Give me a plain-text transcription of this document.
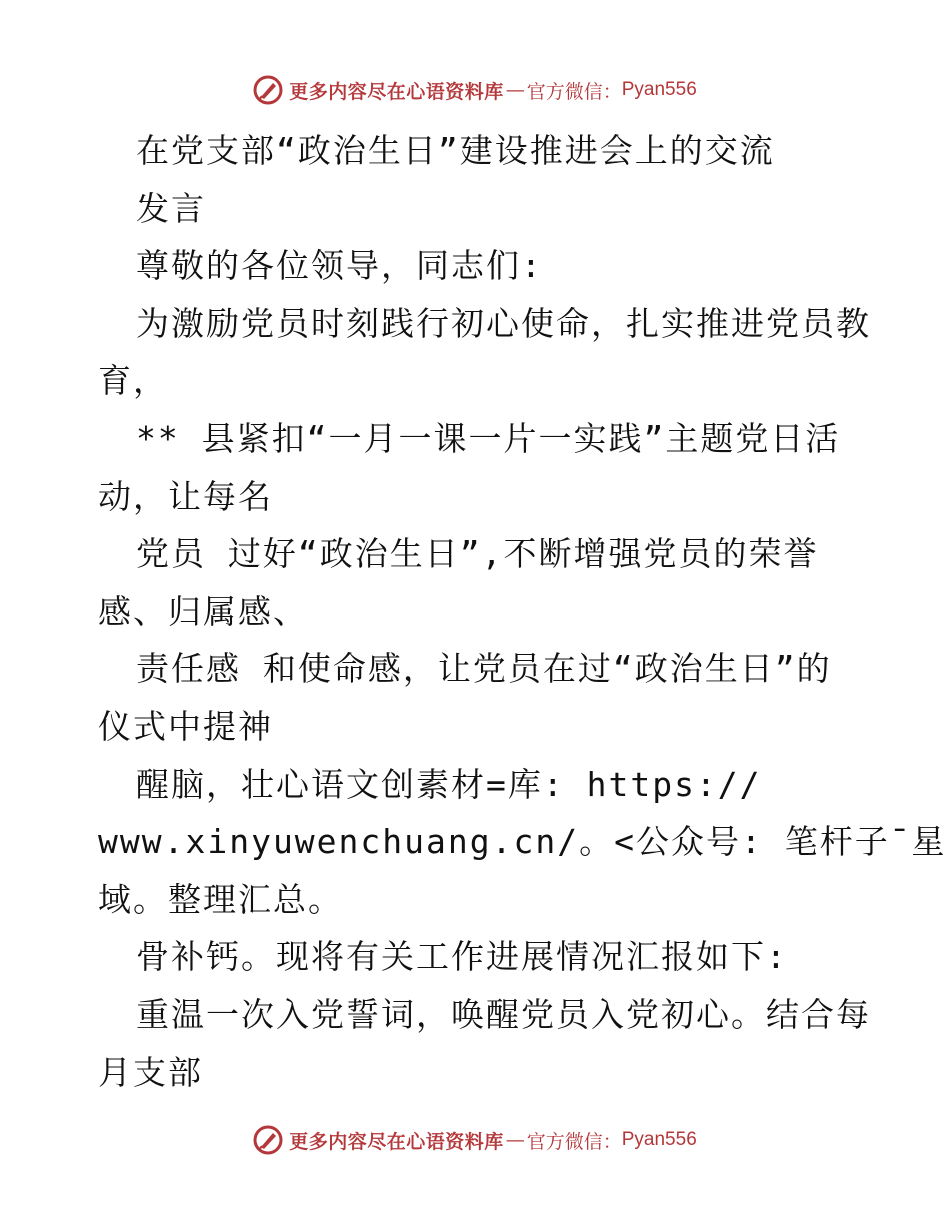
更多内容尽在心语资料库 — 官方微信： Pyan556
在党支部“政治生日”建设推进会上的交流
发言
尊敬的各位领导，同志们:
为激励党员时刻践行初心使命，扎实推进党员教
育，
** 县紧扣“一月一课一片一实践”主题党日活
动，让每名
党员 过好“政治生日”,不断增强党员的荣誉
感、归属感、
责任感 和使命感，让党员在过“政治生日”的
仪式中提神
醒脑，壮心语文创素材=库: https://
www.xinyuwenchuang.cn/。<公众号: 笔杆子¯星
域。整理汇总。
骨补钙。现将有关工作进展情况汇报如下:
重温一次入党誓词，唤醒党员入党初心。结合每
月支部
更多内容尽在心语资料库 — 官方微信： Pyan556
